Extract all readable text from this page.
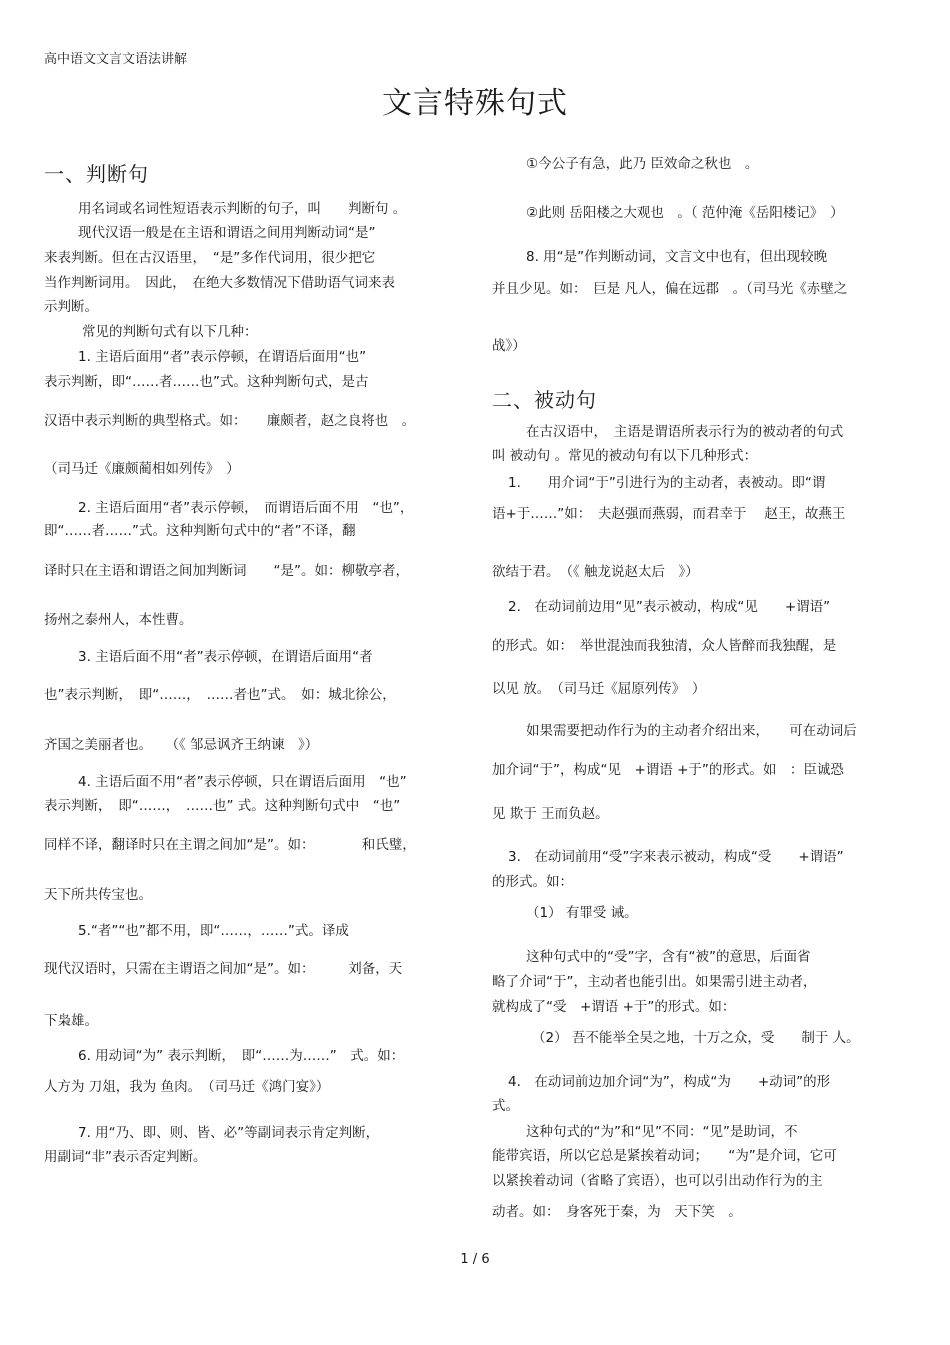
高中语文文言文语法讲解
文言特殊句式
一、判断句
用名词或名词性短语表示判断的句子，叫　　判断句 。
现代汉语一般是在主语和谓语之间用判断动词“是”
来表判断。但在古汉语里，　“是”多作代词用，很少把它
当作判断词用。　因此，　在绝大多数情况下借助语气词来表
示判断。
常见的判断句式有以下几种：
1. 主语后面用“者”表示停顿，在谓语后面用“也”
表示判断，即“……者……也”式。这种判断句式，是古
汉语中表示判断的典型格式。如：　　廉颇者，赵之良将也　。
（司马迁《廉颇蔺相如列传》　）
2. 主语后面用“者”表示停顿，　而谓语后面不用　“也”，
即“……者……”式。这种判断句式中的“者”不译，翻
译时只在主语和谓语之间加判断词　　“是”。如：柳敬亭者，
扬州之泰州人，本性曹。
3. 主语后面不用“者”表示停顿，在谓语后面用“者
也”表示判断，　即“……，　……者也”式。　如：城北徐公，
齐国之美丽者也。　　（《 邹忌讽齐王纳谏　》）
4. 主语后面不用“者”表示停顿，只在谓语后面用　“也”
表示判断，　即“……，　……也” 式。这种判断句式中　“也”
同样不译，翻译时只在主谓之间加“是”。如：　　　　和氏璧，
天下所共传宝也。
5.“者”“也”都不用，即“……，……”式。译成
现代汉语时，只需在主谓语之间加“是”。如：　　　刘备，天
下枭雄。
6. 用动词“为” 表示判断，　即“……为……”　式。如：
人方为 刀俎，我为 鱼肉。　（司马迁《鸿门宴》）
7. 用“乃、即、则、皆、必”等副词表示肯定判断，
用副词“非”表示否定判断。
①今公子有急，此乃 臣效命之秋也　。
②此则 岳阳楼之大观也　。（ 范仲淹《岳阳楼记》　）
8. 用“是”作判断动词，文言文中也有，但出现较晚
并且少见。如：　巨是 凡人，偏在远郡　。（司马光《赤壁之
战》）
二、被动句
在古汉语中，　主语是谓语所表示行为的被动者的句式
叫 被动句 。常见的被动句有以下几种形式：
1.　　用介词“于”引进行为的主动者，表被动。即“谓
语+于……”如：　夫赵强而燕弱，而君幸于　 赵王，故燕王
欲结于君。　（《 触龙说赵太后　》）
2.　在动词前边用“见”表示被动，构成“见　　+谓语”
的形式。如：　举世混浊而我独清，众人皆醉而我独醒，是
以见 放。　（司马迁《屈原列传》　）
如果需要把动作行为的主动者介绍出来，　　可在动词后
加介词“于”，构成“见　+谓语 +于”的形式。如　：臣诚恐
见 欺于 王而负赵。
3.　在动词前用“受”字来表示被动，构成“受　　+谓语”
的形式。如：
（1） 有罪受 诫。
这种句式中的“受”字，含有“被”的意思，后面省
略了介词“于”，主动者也能引出。如果需引进主动者，
就构成了“受　+谓语 +于”的形式。如：
（2） 吾不能举全吴之地，十万之众，受　　制于 人。
4.　在动词前边加介词“为”，构成“为　　+动词”的形
式。
这种句式的“为”和“见”不同：“见”是助词，不
能带宾语，所以它总是紧挨着动词；　　“为”是介词，它可
以紧挨着动词（省略了宾语），也可以引出动作行为的主
动者。如：　身客死于秦，为　天下笑　。
1 / 6
